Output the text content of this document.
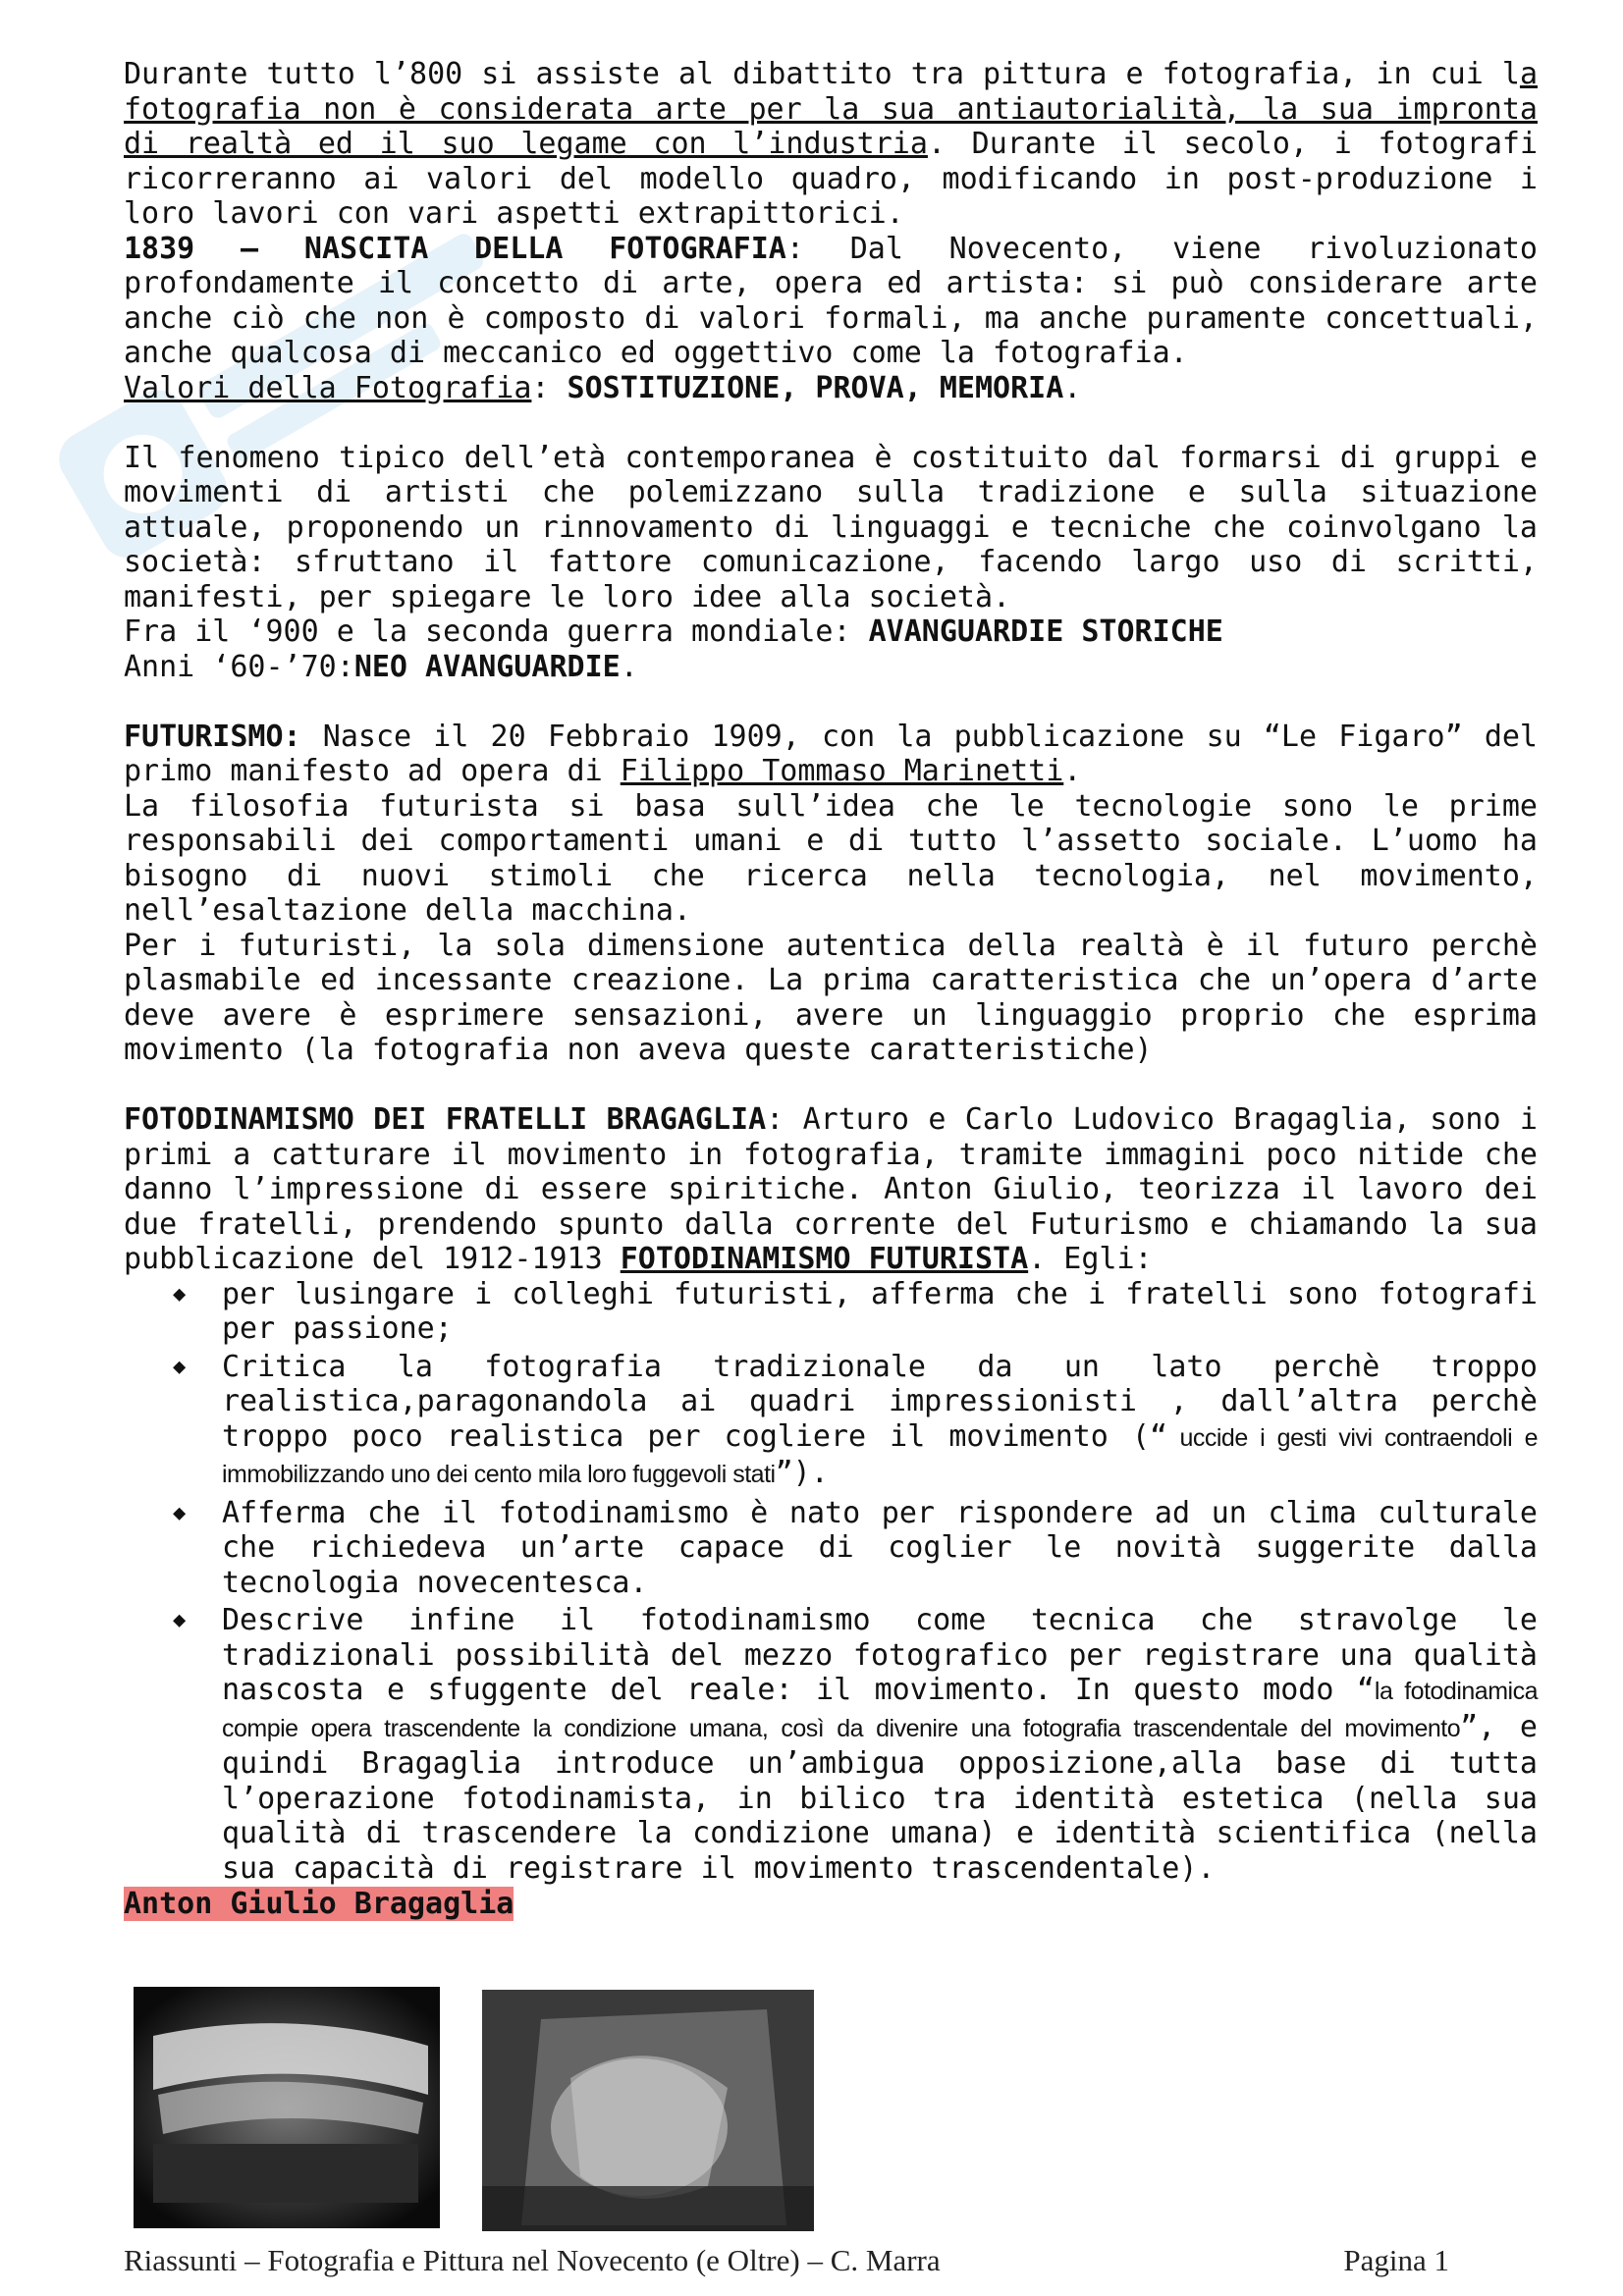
Durante tutto l’800 si assiste al dibattito tra pittura e fotografia, in cui la fotografia non è considerata arte per la sua antiautorialità, la sua impronta di realtà ed il suo legame con l’industria. Durante il secolo, i fotografi ricorreranno ai valori del modello quadro, modificando in post-produzione i loro lavori con vari aspetti extrapittorici.

1839 – NASCITA DELLA FOTOGRAFIA: Dal Novecento, viene rivoluzionato profondamente il concetto di arte, opera ed artista: si può considerare arte anche ciò che non è composto di valori formali, ma anche puramente concettuali, anche qualcosa di meccanico ed oggettivo come la fotografia.

Valori della Fotografia: SOSTITUZIONE, PROVA, MEMORIA.

Il fenomeno tipico dell’età contemporanea è costituito dal formarsi di gruppi e movimenti di artisti che polemizzano sulla tradizione e sulla situazione attuale, proponendo un rinnovamento di linguaggi e tecniche che coinvolgano la società: sfruttano il fattore comunicazione, facendo largo uso di scritti, manifesti, per spiegare le loro idee alla società.

Fra il ‘900 e la seconda guerra mondiale: AVANGUARDIE STORICHE

Anni ‘60-’70:NEO AVANGUARDIE.

FUTURISMO: Nasce il 20 Febbraio 1909, con la pubblicazione su “Le Figaro” del primo manifesto ad opera di Filippo Tommaso Marinetti.

La filosofia futurista si basa sull’idea che le tecnologie sono le prime responsabili dei comportamenti umani e di tutto l’assetto sociale. L’uomo ha bisogno di nuovi stimoli che ricerca nella tecnologia, nel movimento, nell’esaltazione della macchina.

Per i futuristi, la sola dimensione autentica della realtà è il futuro perchè plasmabile ed incessante creazione. La prima caratteristica che un’opera d’arte deve avere è esprimere sensazioni, avere un linguaggio proprio che esprima movimento (la fotografia non aveva queste caratteristiche)

FOTODINAMISMO DEI FRATELLI BRAGAGLIA: Arturo e Carlo Ludovico Bragaglia, sono i primi a catturare il movimento in fotografia, tramite immagini poco nitide che danno l’impressione di essere spiritiche. Anton Giulio, teorizza il lavoro dei due fratelli, prendendo spunto dalla corrente del Futurismo e chiamando la sua pubblicazione del 1912-1913 FOTODINAMISMO FUTURISTA. Egli:

◆ per lusingare i colleghi futuristi, afferma che i fratelli sono fotografi per passione;
◆ Critica la fotografia tradizionale da un lato perchè troppo realistica,paragonandola ai quadri impressionisti , dall’altra perchè troppo poco realistica per cogliere il movimento (“ uccide i gesti vivi contraendoli e immobilizzando uno dei cento mila loro fuggevoli stati”).
◆ Afferma che il fotodinamismo è nato per rispondere ad un clima culturale che richiedeva un’arte capace di coglier le novità suggerite dalla tecnologia novecentesca.
◆ Descrive infine il fotodinamismo come tecnica che stravolge le tradizionali possibilità del mezzo fotografico per registrare una qualità nascosta e sfuggente del reale: il movimento. In questo modo “la fotodinamica compie opera trascendente la condizione umana, così da divenire una fotografia trascendentale del movimento”, e quindi Bragaglia introduce un’ambigua opposizione,alla base di tutta l’operazione fotodinamista, in bilico tra identità estetica (nella sua qualità di trascendere la condizione umana) e identità scientifica (nella sua capacità di registrare il movimento trascendentale).

Anton Giulio Bragaglia

Riassunti – Fotografia e Pittura nel Novecento (e Oltre) – C. Marra	Pagina 1
